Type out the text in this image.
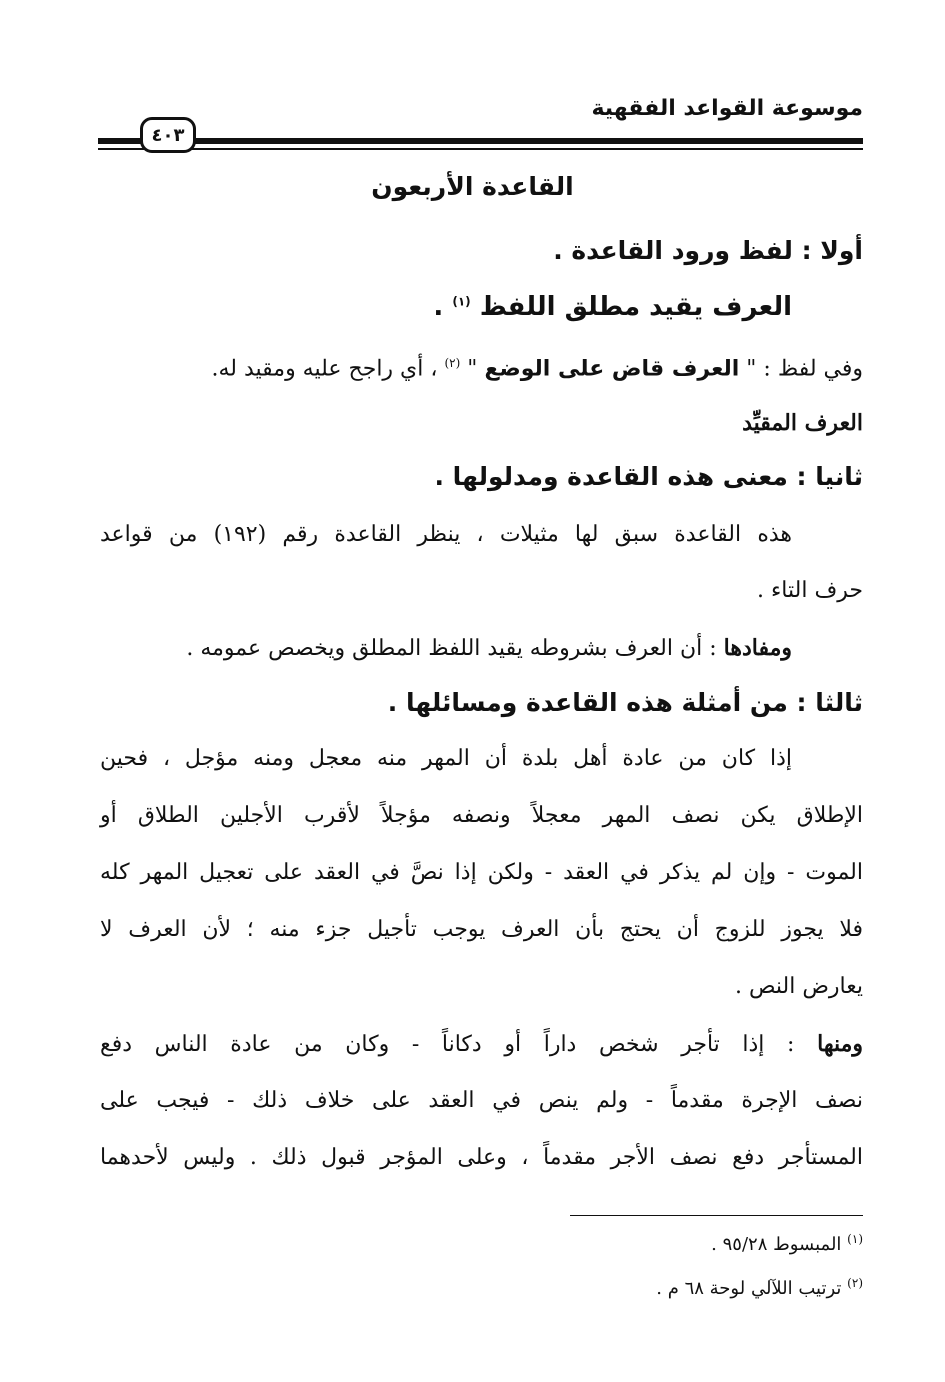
موسوعة القواعد الفقهية
٤٠٣
القاعدة الأربعون
أولا : لفظ ورود القاعدة .
العرف يقيد مطلق اللفظ $^{(١)}$ .
وفي لفظ : " العرف قاض على الوضع " $^{(٢)}$ ، أي راجح عليه ومقيد له.
العرف المقيِّد
ثانيا : معنى هذه القاعدة ومدلولها .
هذه القاعدة سبق لها مثيلات ، ينظر القاعدة رقم (١٩٢) من قواعد
حرف التاء .
ومفادها : أن العرف بشروطه يقيد اللفظ المطلق ويخصص عمومه .
ثالثا : من أمثلة هذه القاعدة ومسائلها .
إذا كان من عادة أهل بلدة أن المهر منه معجل ومنه مؤجل ، فحين
الإطلاق يكن نصف المهر معجلاً ونصفه مؤجلاً لأقرب الأجلين الطلاق أو
الموت - وإن لم يذكر في العقد - ولكن إذا نصَّ في العقد على تعجيل المهر كله
فلا يجوز للزوج أن يحتج بأن العرف يوجب تأجيل جزء منه ؛ لأن العرف لا
يعارض النص .
ومنها : إذا تأجر شخص داراً أو دكاناً - وكان من عادة الناس دفع
نصف الإجرة مقدماً - ولم ينص في العقد على خلاف ذلك - فيجب على
المستأجر دفع نصف الأجر مقدماً ، وعلى المؤجر قبول ذلك . وليس لأحدهما
$^{(١)}$ المبسوط ٩٥/٢٨ .
$^{(٢)}$ ترتيب اللآلي لوحة ٦٨ م .
